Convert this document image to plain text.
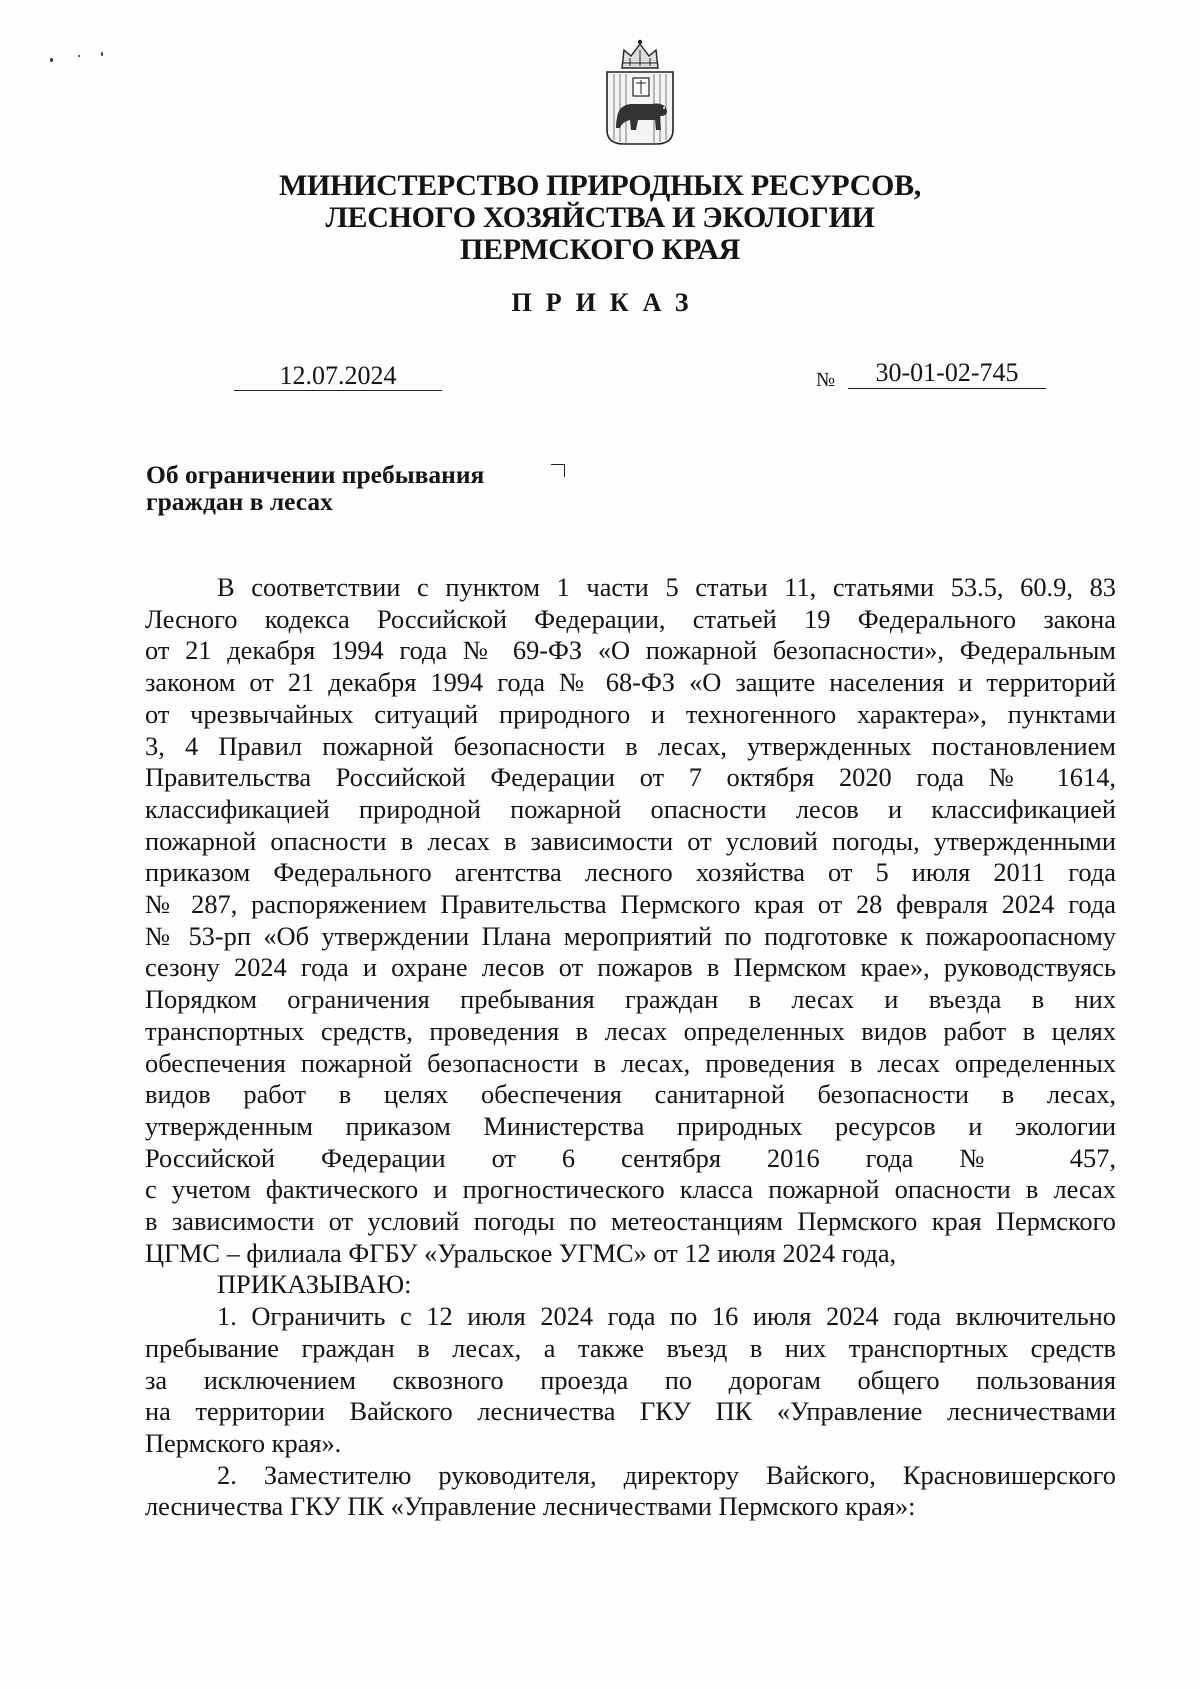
МИНИСТЕРСТВО ПРИРОДНЫХ РЕСУРСОВ,
ЛЕСНОГО ХОЗЯЙСТВА И ЭКОЛОГИИ
ПЕРМСКОГО КРАЯ
ПРИКАЗ
12.07.2024	№	30-01-02-745
Об ограничении пребывания
граждан в лесах
В соответствии с пунктом 1 части 5 статьи 11, статьями 53.5, 60.9, 83
Лесного кодекса Российской Федерации, статьей 19 Федерального закона
от 21 декабря 1994 года № 69-ФЗ «О пожарной безопасности», Федеральным
законом от 21 декабря 1994 года № 68-ФЗ «О защите населения и территорий
от чрезвычайных ситуаций природного и техногенного характера», пунктами
3, 4 Правил пожарной безопасности в лесах, утвержденных постановлением
Правительства Российской Федерации от 7 октября 2020 года № 1614,
классификацией природной пожарной опасности лесов и классификацией
пожарной опасности в лесах в зависимости от условий погоды, утвержденными
приказом Федерального агентства лесного хозяйства от 5 июля 2011 года
№ 287, распоряжением Правительства Пермского края от 28 февраля 2024 года
№ 53-рп «Об утверждении Плана мероприятий по подготовке к пожароопасному
сезону 2024 года и охране лесов от пожаров в Пермском крае», руководствуясь
Порядком ограничения пребывания граждан в лесах и въезда в них
транспортных средств, проведения в лесах определенных видов работ в целях
обеспечения пожарной безопасности в лесах, проведения в лесах определенных
видов работ в целях обеспечения санитарной безопасности в лесах,
утвержденным приказом Министерства природных ресурсов и экологии
Российской Федерации от 6 сентября 2016 года № 457,
с учетом фактического и прогностического класса пожарной опасности в лесах
в зависимости от условий погоды по метеостанциям Пермского края Пермского
ЦГМС – филиала ФГБУ «Уральское УГМС» от 12 июля 2024 года,
ПРИКАЗЫВАЮ:
1. Ограничить с 12 июля 2024 года по 16 июля 2024 года включительно
пребывание граждан в лесах, а также въезд в них транспортных средств
за исключением сквозного проезда по дорогам общего пользования
на территории Вайского лесничества ГКУ ПК «Управление лесничествами
Пермского края».
2. Заместителю руководителя, директору Вайского, Красновишерского
лесничества ГКУ ПК «Управление лесничествами Пермского края»:
